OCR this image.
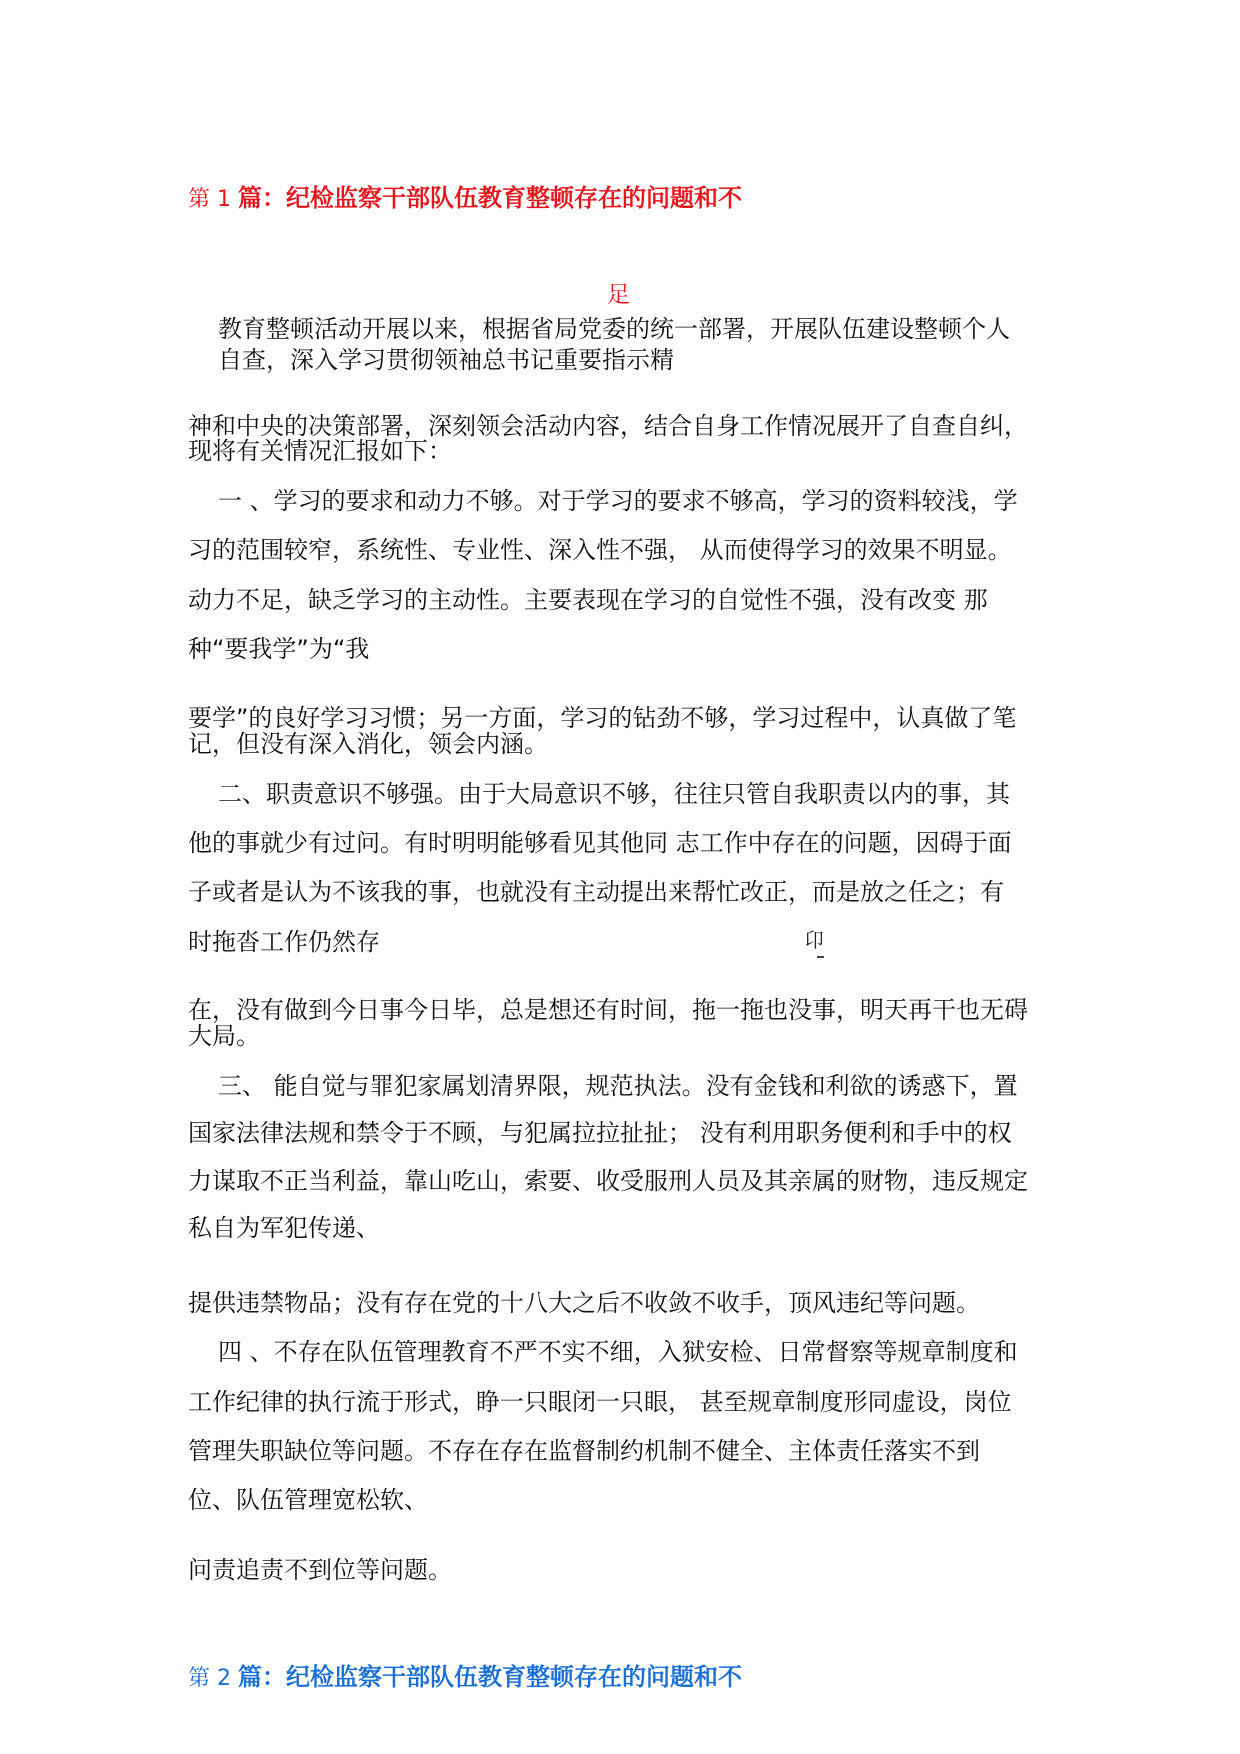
第 1 篇：纪检监察干部队伍教育整顿存在的问题和不
足
教育整顿活动开展以来，根据省局党委的统一部署，开展队伍建设整顿个人
自查，深入学习贯彻领袖总书记重要指示精
神和中央的决策部署，深刻领会活动内容，结合自身工作情况展开了自查自纠，
现将有关情况汇报如下：
一 、学习的要求和动力不够。对于学习的要求不够高，学习的资料较浅，学
习的范围较窄，系统性、专业性、深入性不强， 从而使得学习的效果不明显。
动力不足，缺乏学习的主动性。主要表现在学习的自觉性不强，没有改变 那
种“要我学”为“我
要学”的良好学习习惯；另一方面，学习的钻劲不够，学习过程中，认真做了笔
记，但没有深入消化，领会内涵。
二、职责意识不够强。由于大局意识不够，往往只管自我职责以内的事，其
他的事就少有过问。有时明明能够看见其他同 志工作中存在的问题，因碍于面
子或者是认为不该我的事，也就没有主动提出来帮忙改正，而是放之任之；有
时拖沓工作仍然存	卬
在，没有做到今日事今日毕，总是想还有时间，拖一拖也没事，明天再干也无碍
大局。
三、 能自觉与罪犯家属划清界限，规范执法。没有金钱和利欲的诱惑下，置
国家法律法规和禁令于不顾，与犯属拉拉扯扯； 没有利用职务便利和手中的权
力谋取不正当利益，靠山吃山，索要、收受服刑人员及其亲属的财物，违反规定
私自为军犯传递、
提供违禁物品；没有存在党的十八大之后不收敛不收手，顶风违纪等问题。
四 、不存在队伍管理教育不严不实不细，入狱安检、日常督察等规章制度和
工作纪律的执行流于形式，睁一只眼闭一只眼， 甚至规章制度形同虚设，岗位
管理失职缺位等问题。不存在存在监督制约机制不健全、主体责任落实不到
位、队伍管理宽松软、
问责追责不到位等问题。
第 2 篇：纪检监察干部队伍教育整顿存在的问题和不
